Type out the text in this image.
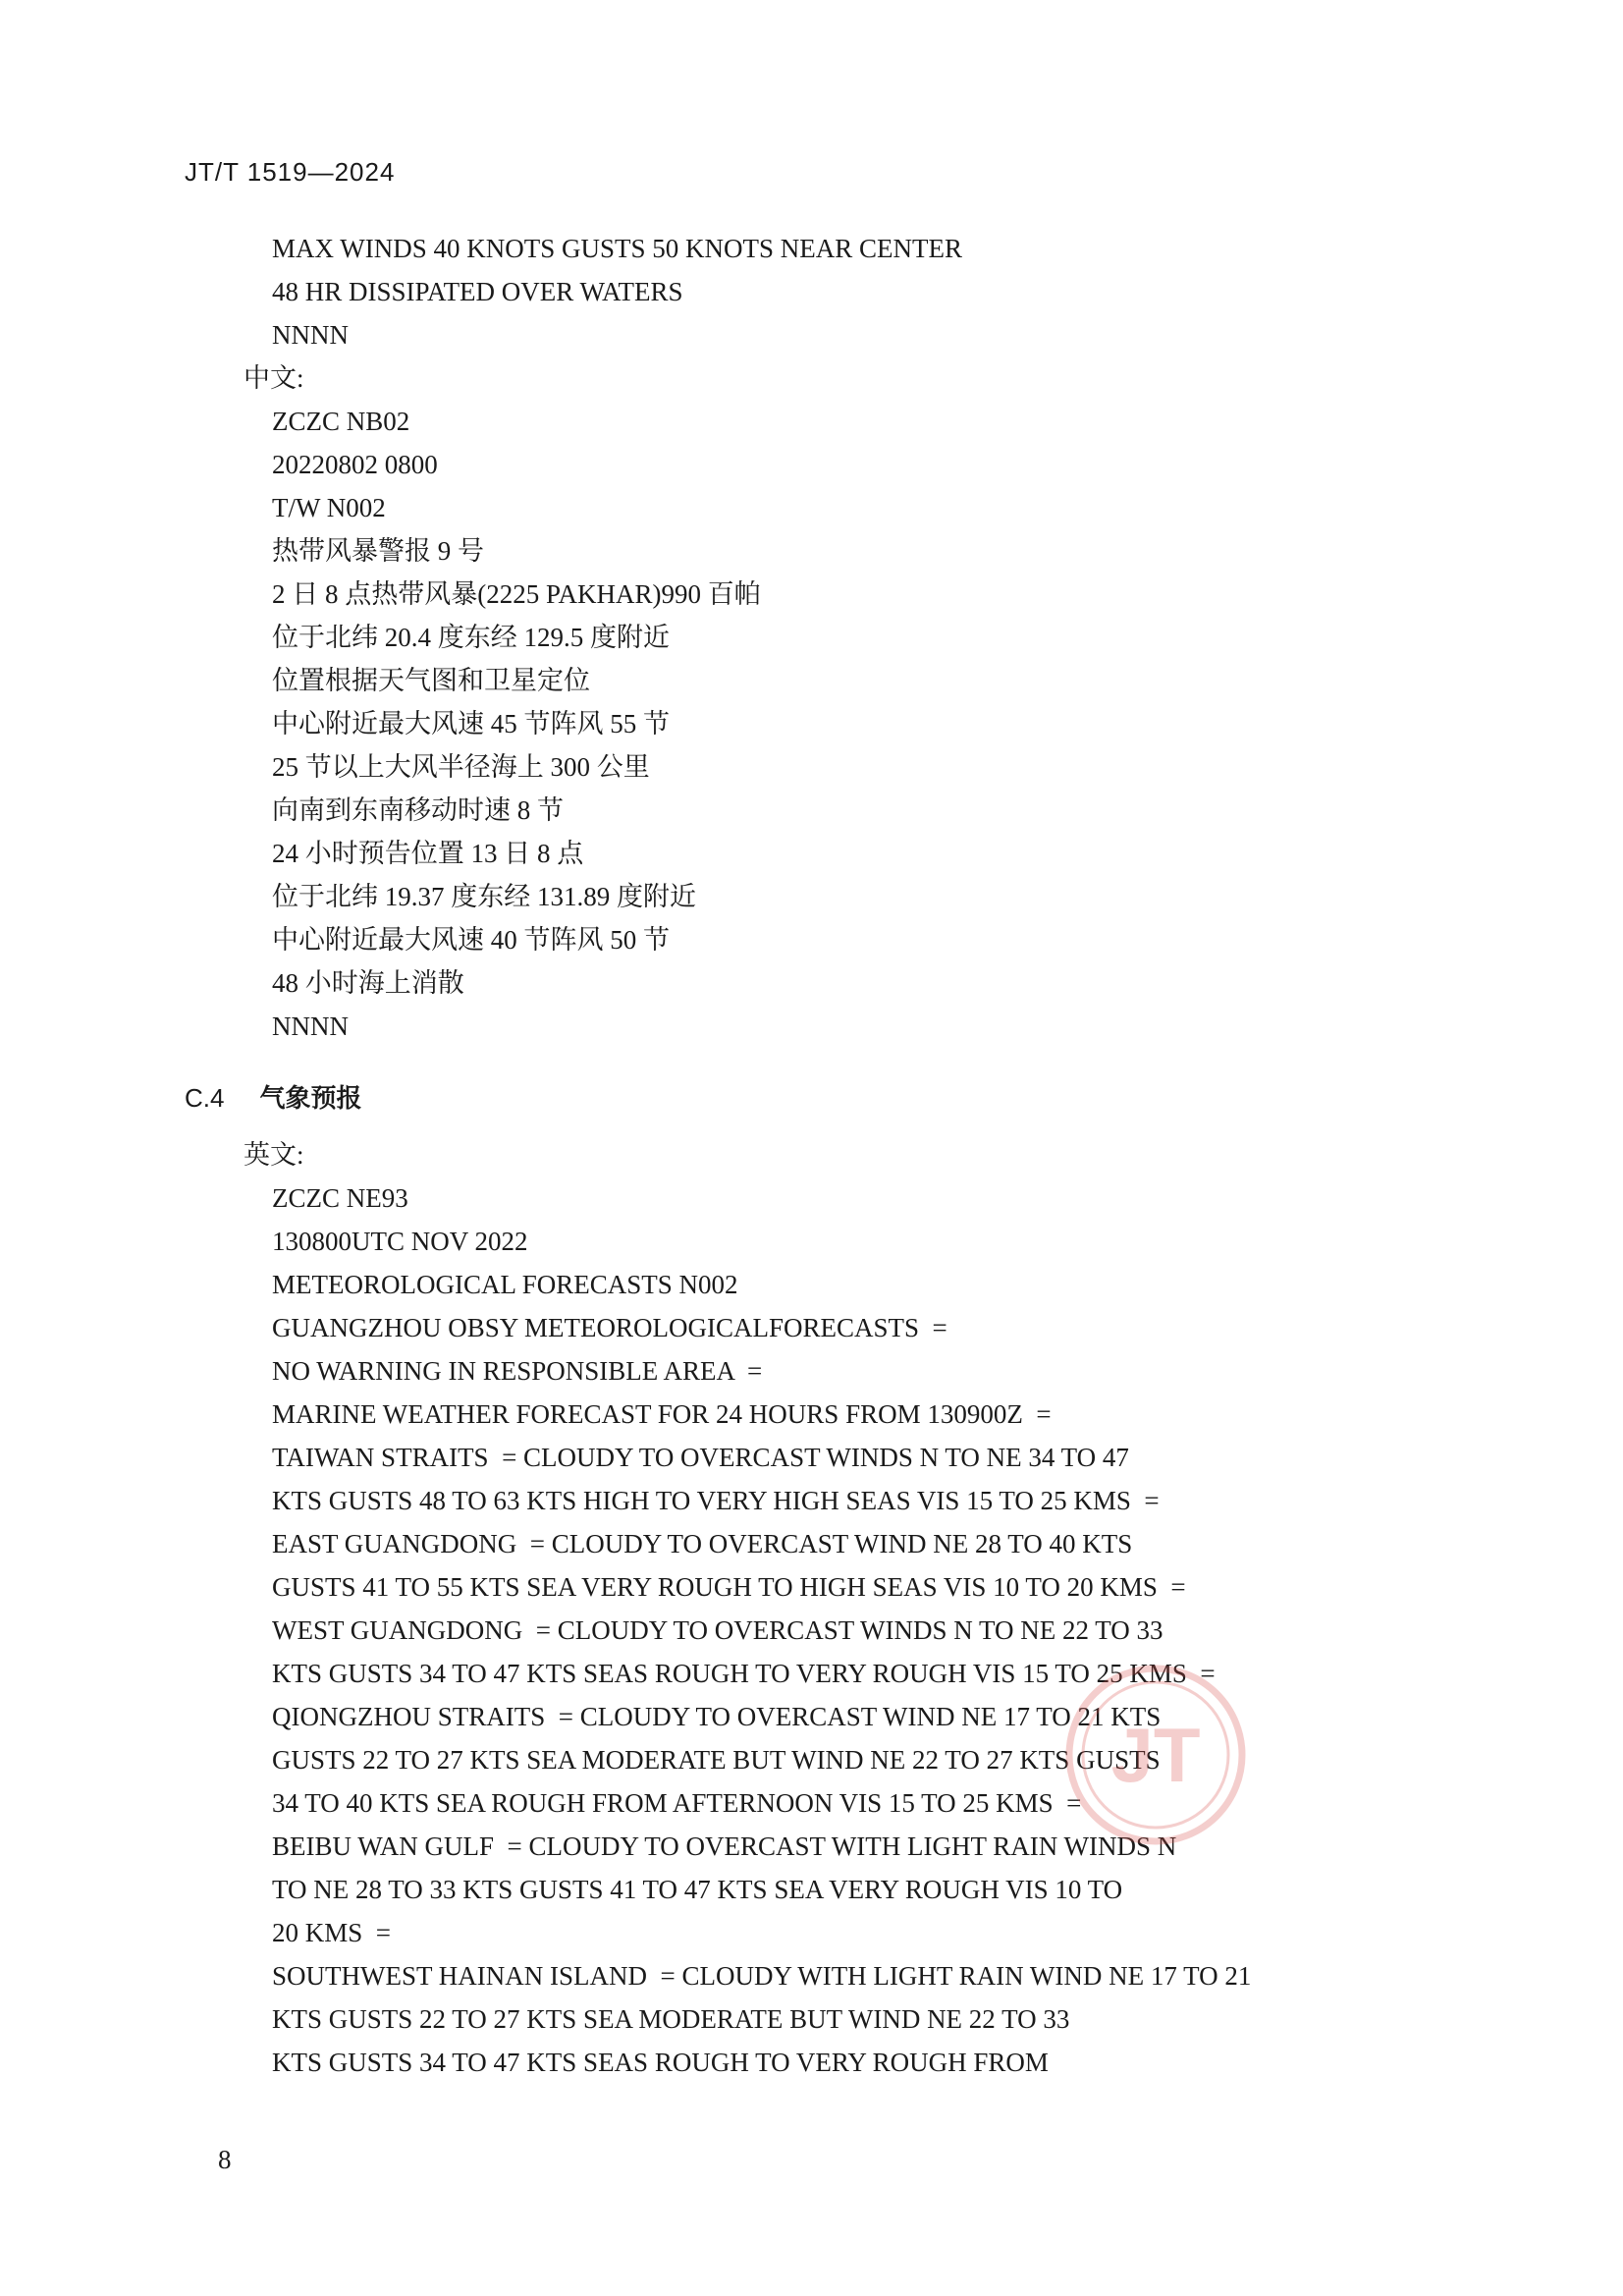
JT/T 1519—2024
MAX WINDS 40 KNOTS GUSTS 50 KNOTS NEAR CENTER
48 HR DISSIPATED OVER WATERS
NNNN
中文:
ZCZC NB02
20220802 0800
T/W N002
热带风暴警报 9 号
2 日 8 点热带风暴(2225 PAKHAR)990 百帕
位于北纬 20.4 度东经 129.5 度附近
位置根据天气图和卫星定位
中心附近最大风速 45 节阵风 55 节
25 节以上大风半径海上 300 公里
向南到东南移动时速 8 节
24 小时预告位置 13 日 8 点
位于北纬 19.37 度东经 131.89 度附近
中心附近最大风速 40 节阵风 50 节
48 小时海上消散
NNNN
英文:
ZCZC NE93
130800UTC NOV 2022
METEOROLOGICAL FORECASTS N002
GUANGZHOU OBSY METEOROLOGICALFORECASTS  =
NO WARNING IN RESPONSIBLE AREA  =
MARINE WEATHER FORECAST FOR 24 HOURS FROM 130900Z  =
TAIWAN STRAITS  = CLOUDY TO OVERCAST WINDS N TO NE 34 TO 47
KTS GUSTS 48 TO 63 KTS HIGH TO VERY HIGH SEAS VIS 15 TO 25 KMS  =
EAST GUANGDONG  = CLOUDY TO OVERCAST WIND NE 28 TO 40 KTS
GUSTS 41 TO 55 KTS SEA VERY ROUGH TO HIGH SEAS VIS 10 TO 20 KMS  =
WEST GUANGDONG  = CLOUDY TO OVERCAST WINDS N TO NE 22 TO 33
KTS GUSTS 34 TO 47 KTS SEAS ROUGH TO VERY ROUGH VIS 15 TO 25 KMS  =
QIONGZHOU STRAITS  = CLOUDY TO OVERCAST WIND NE 17 TO 21 KTS
GUSTS 22 TO 27 KTS SEA MODERATE BUT WIND NE 22 TO 27 KTS GUSTS
34 TO 40 KTS SEA ROUGH FROM AFTERNOON VIS 15 TO 25 KMS  =
BEIBU WAN GULF  = CLOUDY TO OVERCAST WITH LIGHT RAIN WINDS N
TO NE 28 TO 33 KTS GUSTS 41 TO 47 KTS SEA VERY ROUGH VIS 10 TO
20 KMS  =
SOUTHWEST HAINAN ISLAND  = CLOUDY WITH LIGHT RAIN WIND NE 17 TO 21
KTS GUSTS 22 TO 27 KTS SEA MODERATE BUT WIND NE 22 TO 33
KTS GUSTS 34 TO 47 KTS SEAS ROUGH TO VERY ROUGH FROM
C.4 气象预报
JT
8
